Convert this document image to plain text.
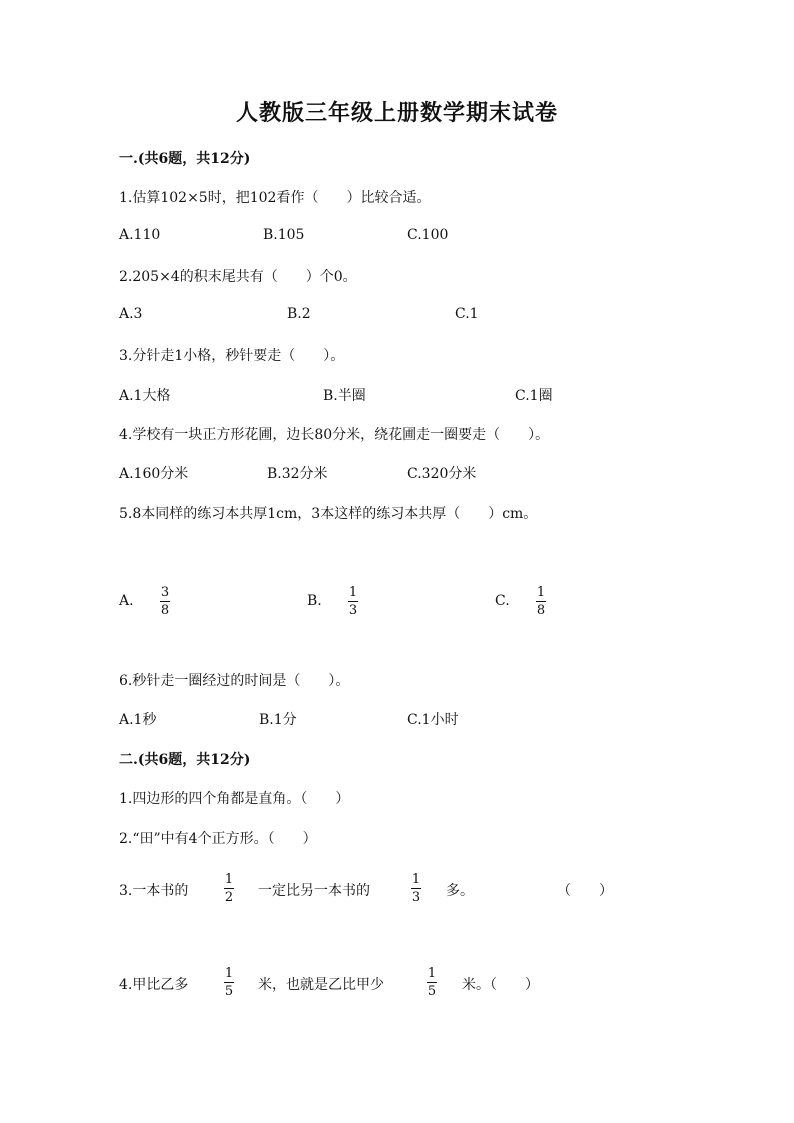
人教版三年级上册数学期末试卷
一.(共6题，共12分)
1.估算102×5时，把102看作（　　）比较合适。
A.110	B.105	C.100
2.205×4的积末尾共有（　　）个0。
A.3	B.2	C.1
3.分针走1小格，秒针要走（　　）。
A.1大格	B.半圈	C.1圈
4.学校有一块正方形花圃，边长80分米，绕花圃走一圈要走（　　）。
A.160分米	B.32分米	C.320分米
5.8本同样的练习本共厚1cm，3本这样的练习本共厚（　　）cm。
A.
3
8
B.
1
3
C.
1
8
6.秒针走一圈经过的时间是（　　）。
A.1秒	B.1分	C.1小时
二.(共6题，共12分)
1.四边形的四个角都是直角。（　　）
2.“田”中有4个正方形。（　　）
3.一本书的
1
2 一定比另一本书的
1
3 多。	（　　）
4.甲比乙多
1
5 米，也就是乙比甲少
1
5 米。（　　）
